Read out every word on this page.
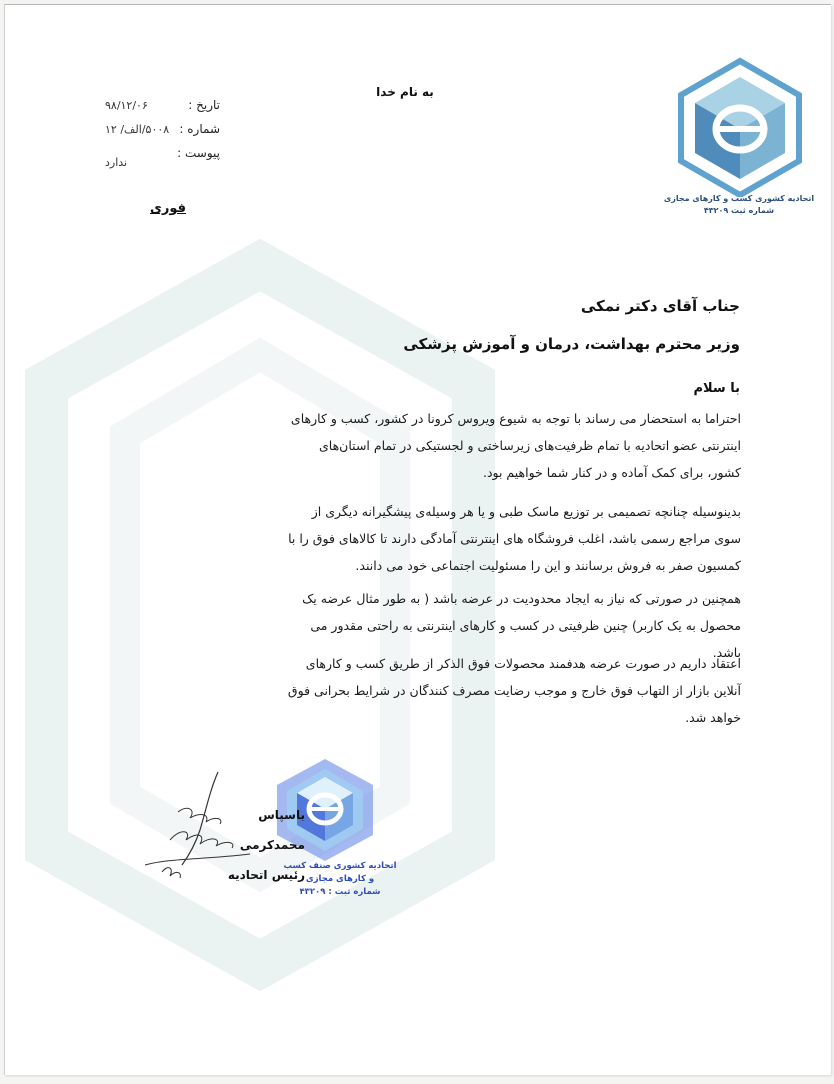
اتحادیه کشوری کسب و کارهای مجازی
شماره ثبت ۴۳۲۰۹
به نام خدا
تاریخ :
۹۸/۱۲/۰۶
شماره :
۵۰۰۸/الف/ ۱۲
پیوست :
ندارد
فوری
جناب آقای دکتر نمکی
وزیر محترم بهداشت، درمان و آموزش پزشکی
با سلام
احتراما به استحضار می رساند با توجه به شیوع ویروس کرونا در کشور، کسب و کارهای اینترنتی عضو اتحادیه با تمام ظرفیت‌های زیرساختی و لجستیکی در تمام استان‌های کشور، برای کمک آماده و در کنار شما خواهیم بود.
بدینوسیله چنانچه تصمیمی بر توزیع ماسک طبی و یا هر وسیله‌ی پیشگیرانه دیگری از سوی مراجع رسمی باشد، اغلب فروشگاه های اینترنتی آمادگی دارند تا کالاهای فوق را با کمسیون صفر به فروش برسانند و این را مسئولیت اجتماعی خود می دانند.
همچنین در صورتی که نیاز به ایجاد محدودیت در عرضه باشد ( به طور مثال عرضه یک محصول به یک کاربر) چنین ظرفیتی در کسب و کارهای اینترنتی به راحتی مقدور می باشد.
اعتقاد داریم در صورت عرضه هدفمند محصولات فوق الذکر از طریق کسب و کارهای آنلاین بازار از التهاب فوق خارج و موجب رضایت مصرف کنندگان در شرایط بحرانی فوق خواهد شد.
باسپاس
محمدکرمی
رئیس اتحادیه
اتحادیه کشوری صنف کسب و کارهای مجازی
شماره ثبت : ۴۳۲۰۹
